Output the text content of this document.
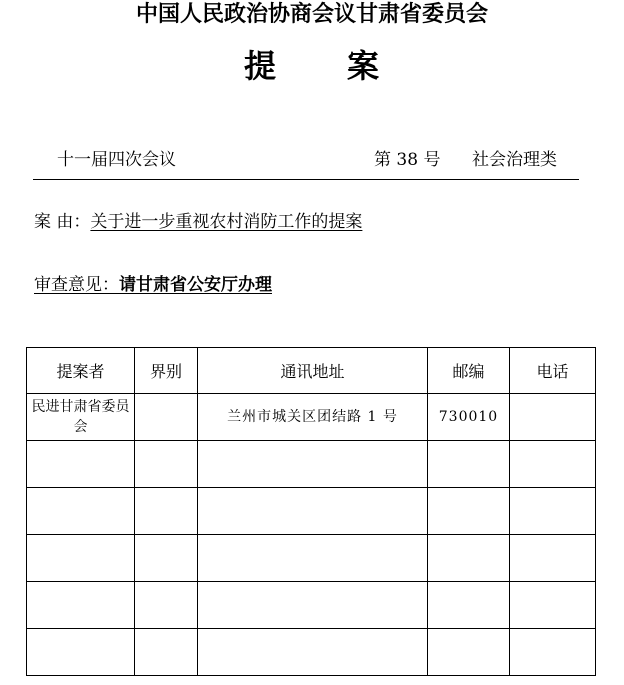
中国人民政治协商会议甘肃省委员会
提	案
十一届四次会议	第 38 号 社会治理类
案 由：关于进一步重视农村消防工作的提案
审查意见：请甘肃省公安厅办理
提案者	界别	通讯地址	邮编	电话
民进甘肃省委员会		兰州市城关区团结路 1 号	730010	
